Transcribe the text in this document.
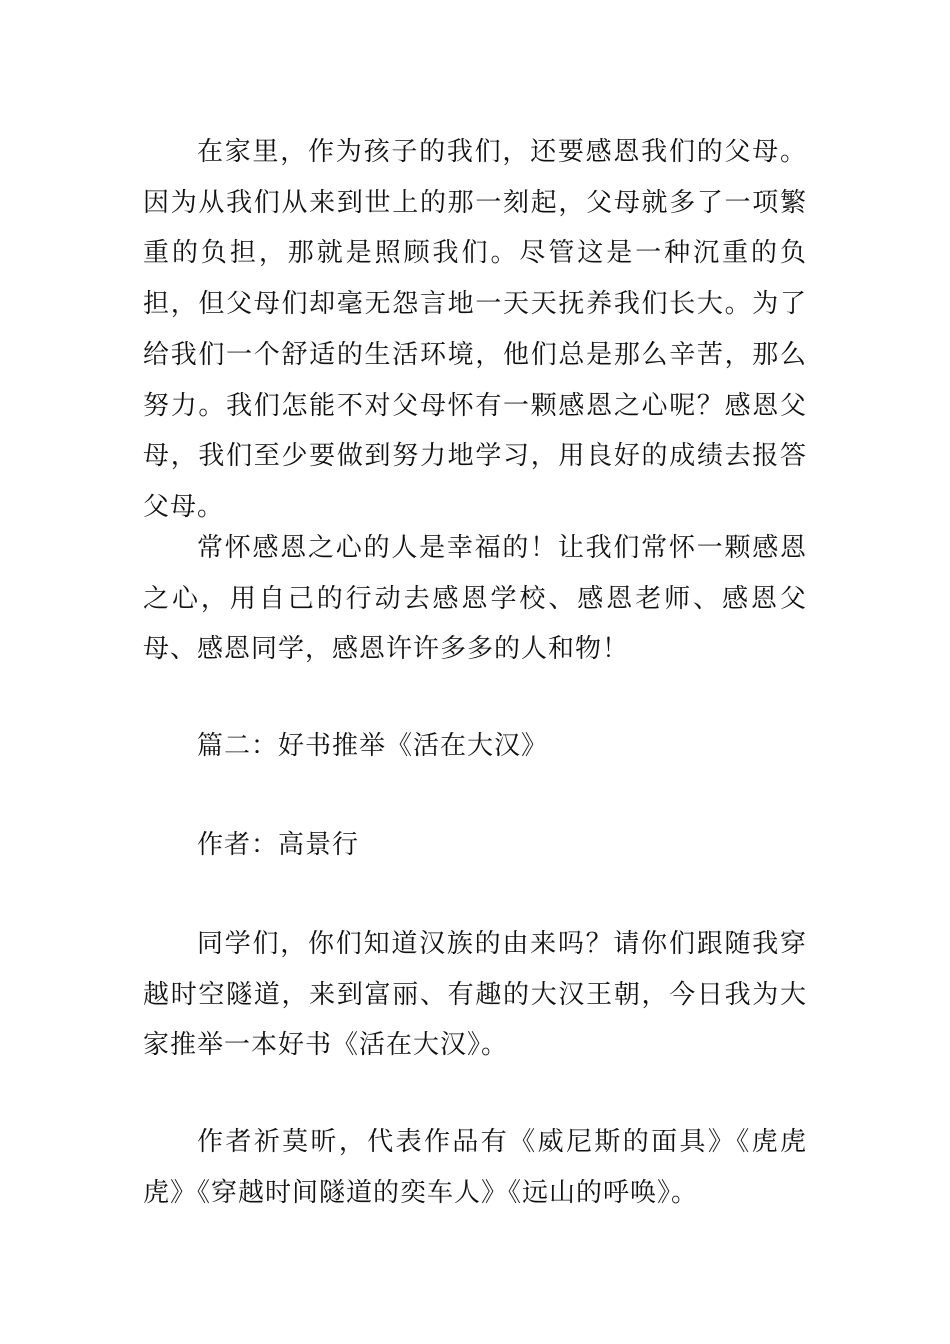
在家里，作为孩子的我们，还要感恩我们的父母。因为从我们从来到世上的那一刻起，父母就多了一项繁重的负担，那就是照顾我们。尽管这是一种沉重的负担，但父母们却毫无怨言地一天天抚养我们长大。为了给我们一个舒适的生活环境，他们总是那么辛苦，那么努力。我们怎能不对父母怀有一颗感恩之心呢？感恩父母，我们至少要做到努力地学习，用良好的成绩去报答父母。

常怀感恩之心的人是幸福的！让我们常怀一颗感恩之心，用自己的行动去感恩学校、感恩老师、感恩父母、感恩同学，感恩许许多多的人和物！

篇二：好书推举《活在大汉》

作者：高景行

同学们，你们知道汉族的由来吗？请你们跟随我穿越时空隧道，来到富丽、有趣的大汉王朝，今日我为大家推举一本好书《活在大汉》。

作者祈莫昕，代表作品有《威尼斯的面具》《虎虎虎》《穿越时间隧道的奕车人》《远山的呼唤》。
